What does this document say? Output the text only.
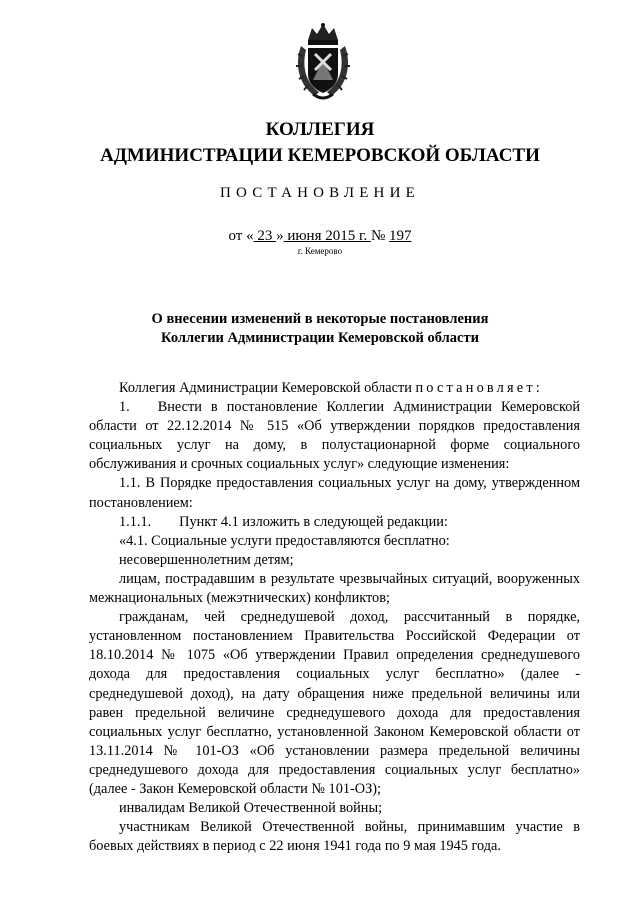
КОЛЛЕГИЯ
АДМИНИСТРАЦИИ КЕМЕРОВСКОЙ ОБЛАСТИ
ПОСТАНОВЛЕНИЕ
от « 23 » июня 2015 г. № 197
г. Кемерово
О внесении изменений в некоторые постановления
Коллегии Администрации Кемеровской области

Коллегия Администрации Кемеровской области постановляет:

1. Внести в постановление Коллегии Администрации Кемеровской области от 22.12.2014 № 515 «Об утверждении порядков предоставления социальных услуг на дому, в полустационарной форме социального обслуживания и срочных социальных услуг» следующие изменения:

1.1. В Порядке предоставления социальных услуг на дому, утвержденном постановлением:

1.1.1. Пункт 4.1 изложить в следующей редакции:

«4.1. Социальные услуги предоставляются бесплатно:

несовершеннолетним детям;

лицам, пострадавшим в результате чрезвычайных ситуаций, вооруженных межнациональных (межэтнических) конфликтов;

гражданам, чей среднедушевой доход, рассчитанный в порядке, установленном постановлением Правительства Российской Федерации от 18.10.2014 № 1075 «Об утверждении Правил определения среднедушевого дохода для предоставления социальных услуг бесплатно» (далее - среднедушевой доход), на дату обращения ниже предельной величины или равен предельной величине среднедушевого дохода для предоставления социальных услуг бесплатно, установленной Законом Кемеровской области от 13.11.2014 № 101-ОЗ «Об установлении размера предельной величины среднедушевого дохода для предоставления социальных услуг бесплатно» (далее - Закон Кемеровской области № 101-ОЗ);

инвалидам Великой Отечественной войны;

участникам Великой Отечественной войны, принимавшим участие в боевых действиях в период с 22 июня 1941 года по 9 мая 1945 года.
